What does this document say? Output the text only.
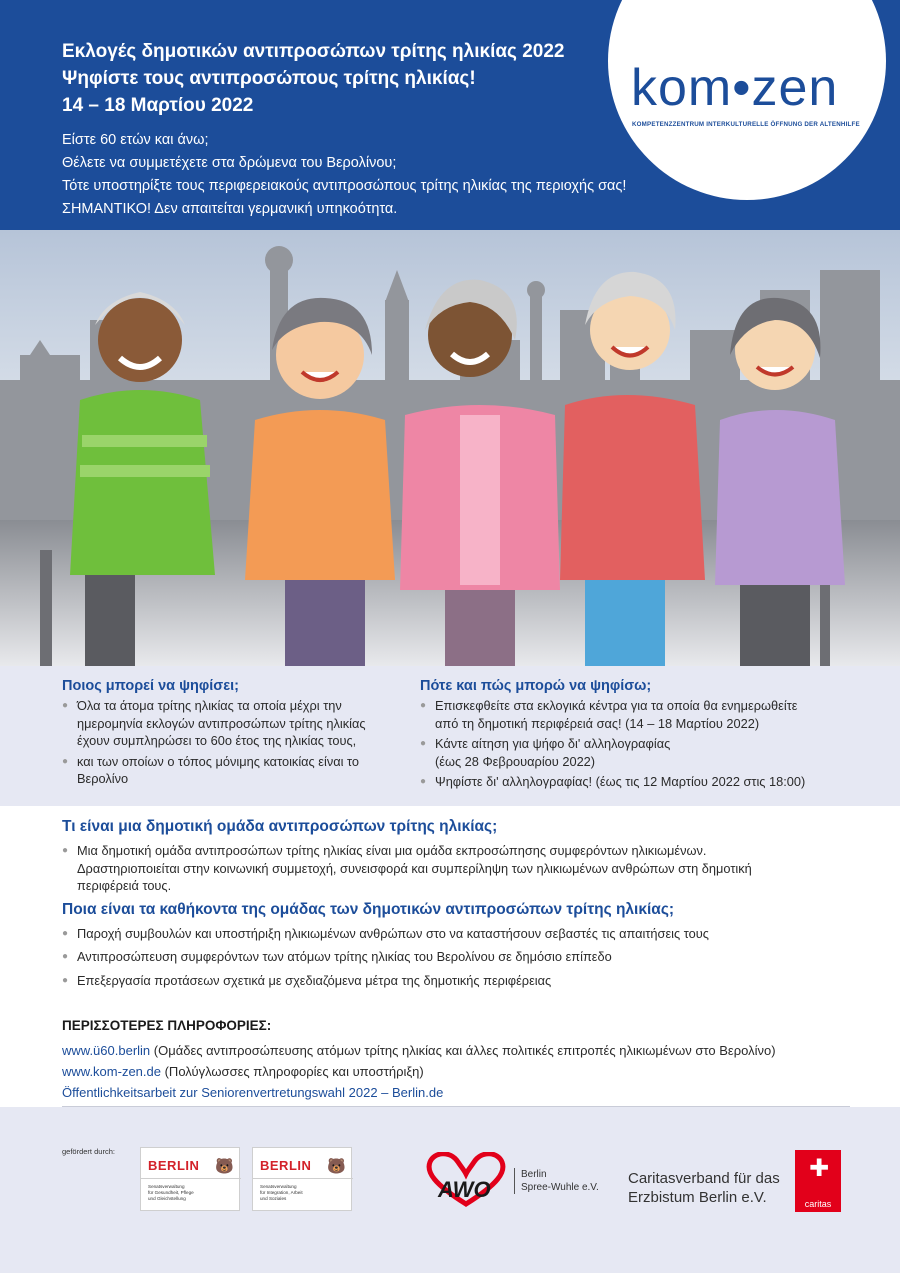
Εκλογές δημοτικών αντιπροσώπων τρίτης ηλικίας 2022
Ψηφίστε τους αντιπροσώπους τρίτης ηλικίας!
14 – 18 Μαρτίου 2022
Είστε 60 ετών και άνω;
Θέλετε να συμμετέχετε στα δρώμενα του Βερολίνου;
Τότε υποστηρίξτε τους περιφερειακούς αντιπροσώπους τρίτης ηλικίας της περιοχής σας!
ΣΗΜΑΝΤΙΚΟ! Δεν απαιτείται γερμανική υπηκοότητα.
kom•zen
KOMPETENZZENTRUM INTERKULTURELLE ÖFFNUNG DER ALTENHILFE
Ποιος μπορεί να ψηφίσει;
● Όλα τα άτομα τρίτης ηλικίας τα οποία μέχρι την
ημερομηνία εκλογών αντιπροσώπων τρίτης ηλικίας
έχουν συμπληρώσει το 60ο έτος της ηλικίας τους,
● και των οποίων ο τόπος μόνιμης κατοικίας είναι το
Βερολίνο
Πότε και πώς μπορώ να ψηφίσω;
● Επισκεφθείτε στα εκλογικά κέντρα για τα οποία θα ενημερωθείτε
από τη δημοτική περιφέρειά σας! (14 – 18 Μαρτίου 2022)
● Κάντε αίτηση για ψήφο δι' αλληλογραφίας
(έως 28 Φεβρουαρίου 2022)
● Ψηφίστε δι' αλληλογραφίας! (έως τις 12 Μαρτίου 2022 στις 18:00)
Τι είναι μια δημοτική ομάδα αντιπροσώπων τρίτης ηλικίας;
● Μια δημοτική ομάδα αντιπροσώπων τρίτης ηλικίας είναι μια ομάδα εκπροσώπησης συμφερόντων ηλικιωμένων.
Δραστηριοποιείται στην κοινωνική συμμετοχή, συνεισφορά και συμπερίληψη των ηλικιωμένων ανθρώπων στη δημοτική
περιφέρειά τους.
Ποια είναι τα καθήκοντα της ομάδας των δημοτικών αντιπροσώπων τρίτης ηλικίας;
● Παροχή συμβουλών και υποστήριξη ηλικιωμένων ανθρώπων στο να καταστήσουν σεβαστές τις απαιτήσεις τους
● Αντιπροσώπευση συμφερόντων των ατόμων τρίτης ηλικίας του Βερολίνου σε δημόσιο επίπεδο
● Επεξεργασία προτάσεων σχετικά με σχεδιαζόμενα μέτρα της δημοτικής περιφέρειας
ΠΕΡΙΣΣΟΤΕΡΕΣ ΠΛΗΡΟΦΟΡΙΕΣ:
www.ü60.berlin (Ομάδες αντιπροσώπευσης ατόμων τρίτης ηλικίας και άλλες πολιτικές επιτροπές ηλικιωμένων στο Βερολίνο)
www.kom-zen.de (Πολύγλωσσες πληροφορίες και υποστήριξη)
Öffentlichkeitsarbeit zur Seniorenvertretungswahl 2022 – Berlin.de
gefördert durch:
BERLIN 🐻
Senatsverwaltung
für Gesundheit, Pflege
und Gleichstellung
BERLIN 🐻
Senatsverwaltung
für Integration, Arbeit
und Soziales	AWO
Berlin
Spree-Wuhle e.V.
Caritasverband für das
Erzbistum Berlin e.V.
✚
caritas
